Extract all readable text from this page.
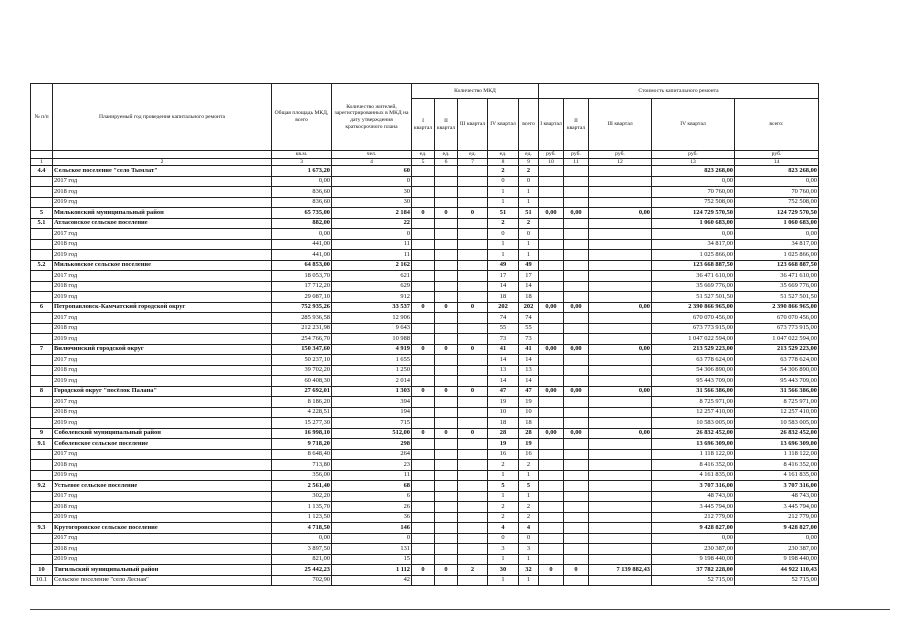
№ п/п	Планируемый год проведения капитального ремонта	Общая площадь МКД, всего	Количество жителей, зарегистрированных в МКД на дату утверждения краткосрочного плана	Количество МКД					Стоимость капитального ремонта				
				I квартал	II квартал	III квартал	IV квартал	всего	I квартал	II квартал	III квартал	IV квартал	всего:
		кв.м.	чел.	ед.	ед.	ед.	ед.	ед.	руб.	руб.	руб.	руб.	руб.
1	2	3	4	5	6	7	8	9	10	11	12	13	14
4.4	Сельское поселение "село Тымлат"	1 673,20	60				2	2				823 268,00	823 268,00
	2017 год	0,00	0				0	0				0,00	0,00
	2018 год	836,60	30				1	1				70 760,00	70 760,00
	2019 год	836,60	30				1	1				752 508,00	752 508,00
5	Мильковский муниципальный район	65 735,00	2 184	0	0	0	51	51	0,00	0,00	0,00	124 729 570,50	124 729 570,50
5.1	Атласовское сельское поселение	882,00	22				2	2				1 060 683,00	1 060 683,00
	2017 год	0,00	0				0	0				0,00	0,00
	2018 год	441,00	11				1	1				34 817,00	34 817,00
	2019 год	441,00	11				1	1				1 025 866,00	1 025 866,00
5.2	Мильковское сельское поселение	64 853,00	2 162				49	49				123 668 887,50	123 668 887,50
	2017 год	18 053,70	621				17	17				36 471 610,00	36 471 610,00
	2018 год	17 712,20	629				14	14				35 669 776,00	35 669 776,00
	2019 год	29 087,10	912				18	18				51 527 501,50	51 527 501,50
6	Петропавловск-Камчатский городской округ	752 935,26	33 537	0	0	0	202	202	0,00	0,00	0,00	2 390 866 965,00	2 390 866 965,00
	2017 год	285 936,58	12 906				74	74				670 070 456,00	670 070 456,00
	2018 год	212 231,98	9 643				55	55				673 773 915,00	673 773 915,00
	2019 год	254 766,70	10 988				73	73				1 047 022 594,00	1 047 022 594,00
7	Вилючинский городской округ	150 347,60	4 919	0	0	0	41	41	0,00	0,00	0,00	213 529 223,00	213 529 223,00
	2017 год	50 237,10	1 655				14	14				63 778 624,00	63 778 624,00
	2018 год	39 702,20	1 250				13	13				54 306 890,00	54 306 890,00
	2019 год	60 408,30	2 014				14	14				95 443 709,00	95 443 709,00
8	Городской округ "посёлок Палана"	27 692,01	1 303	0	0	0	47	47	0,00	0,00	0,00	31 566 386,00	31 566 386,00
	2017 год	8 186,20	394				19	19				8 725 971,00	8 725 971,00
	2018 год	4 228,51	194				10	10				12 257 410,00	12 257 410,00
	2019 год	15 277,30	715				18	18				10 583 005,00	10 583 005,00
9	Соболевский муниципальный район	16 998,10	512,00	0	0	0	28	28	0,00	0,00	0,00	26 832 452,00	26 832 452,00
9.1	Соболевское сельское поселение	9 718,20	298				19	19				13 696 309,00	13 696 309,00
	2017 год	8 648,40	264				16	16				1 118 122,00	1 118 122,00
	2018 год	713,80	23				2	2				8 416 352,00	8 416 352,00
	2019 год	356,00	11				1	1				4 161 835,00	4 161 835,00
9.2	Устьевое сельское поселение	2 561,40	68				5	5				3 707 316,00	3 707 316,00
	2017 год	302,20	6				1	1				48 743,00	48 743,00
	2018 год	1 135,70	26				2	2				3 445 794,00	3 445 794,00
	2019 год	1 123,50	36				2	2				212 779,00	212 779,00
9.3	Крутогоровское сельское поселение	4 718,50	146				4	4				9 428 827,00	9 428 827,00
	2017 год	0,00	0				0	0				0,00	0,00
	2018 год	3 897,50	131				3	3				230 387,00	230 387,00
	2019 год	821,00	15				1	1				9 198 440,00	9 198 440,00
10	Тигильский муниципальный район	25 442,23	1 112	0	0	2	30	32	0	0	7 139 882,43	37 782 228,00	44 922 110,43
10.1	Сельское поселение "село Лесная"	702,90	42				1	1				52 715,00	52 715,00
